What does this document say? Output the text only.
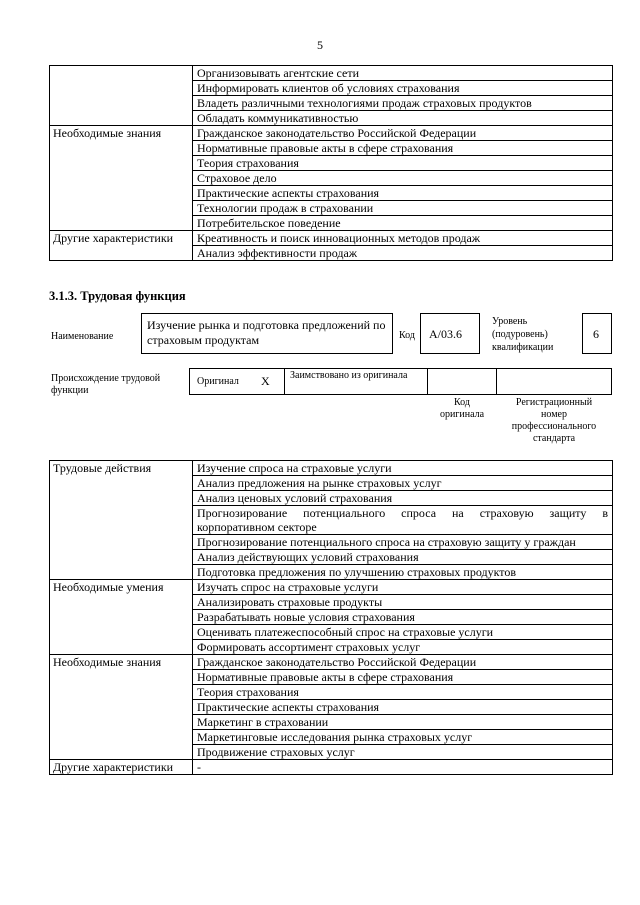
5
	Организовывать агентские сети
	Информировать клиентов об условиях страхования
	Владеть различными технологиями продаж страховых продуктов
	Обладать коммуникативностью
Необходимые знания	Гражданское законодательство Российской Федерации
	Нормативные правовые акты в сфере страхования
	Теория страхования
	Страховое дело
	Практические аспекты страхования
	Технологии продаж в страховании
	Потребительское поведение
Другие характеристики	Креативность и поиск инновационных методов продаж
	Анализ эффективности продаж
3.1.3. Трудовая функция
Наименование
Изучение рынка и подготовка предложений по страховым продуктам	Код А/03.6
Уровень (подуровень) квалификации
6
Происхождение трудовой функции
Оригинал X Заимствовано из оригинала
Код оригинала
Регистрационный номер профессионального стандарта
Трудовые действия	Изучение спроса на страховые услуги
	Анализ предложения на рынке страховых услуг
	Анализ ценовых условий страхования
	Прогнозирование потенциального спроса на страховую защиту в корпоративном секторе
	Прогнозирование потенциального спроса на страховую защиту у граждан
	Анализ действующих условий страхования
	Подготовка предложения по улучшению страховых продуктов
Необходимые умения	Изучать спрос на страховые услуги
	Анализировать страховые продукты
	Разрабатывать новые условия страхования
	Оценивать платежеспособный спрос на страховые услуги
	Формировать ассортимент страховых услуг
Необходимые знания	Гражданское законодательство Российской Федерации
	Нормативные правовые акты в сфере страхования
	Теория страхования
	Практические аспекты страхования
	Маркетинг в страховании
	Маркетинговые исследования рынка страховых услуг
	Продвижение страховых услуг
Другие характеристики	-
